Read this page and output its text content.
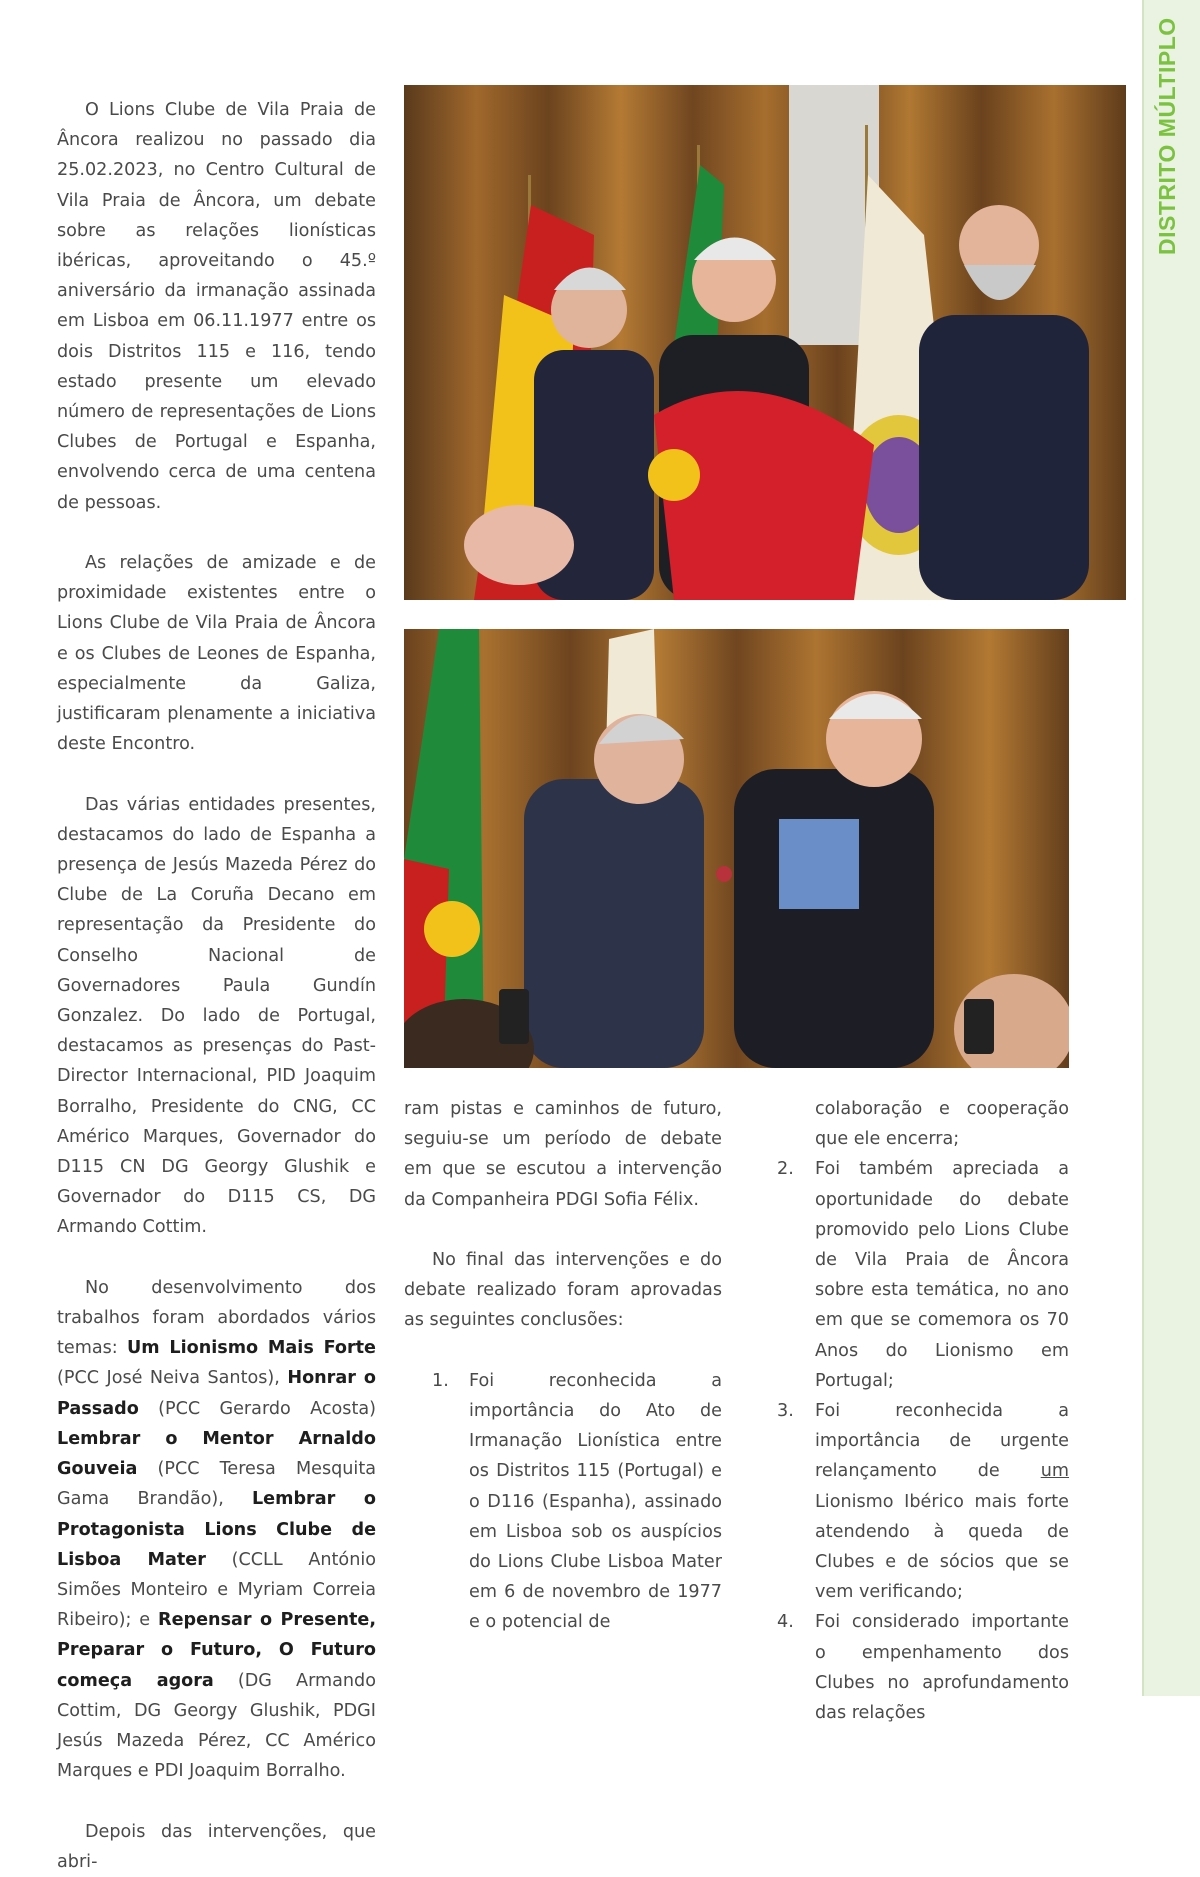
DISTRITO MÚLTIPLO

O Lions Clube de Vila Praia de Âncora realizou no passado dia 25.02.2023, no Centro Cultural de Vila Praia de Âncora, um debate sobre as relações lionísticas ibéricas, aproveitando o 45.º aniversário da irmanação assinada em Lisboa em 06.11.1977 entre os dois Distritos 115 e 116, tendo estado presente um elevado número de representações de Lions Clubes de Portugal e Espanha, envolvendo cerca de uma centena de pessoas.

As relações de amizade e de proximidade existentes entre o Lions Clube de Vila Praia de Âncora e os Clubes de Leones de Espanha, especialmente da Galiza, justificaram plenamente a iniciativa deste Encontro.

Das várias entidades presentes, destacamos do lado de Espanha a presença de Jesús Mazeda Pérez do Clube de La Coruña Decano em representação da Presidente do Conselho Nacional de Governadores Paula Gundín Gonzalez. Do lado de Portugal, destacamos as presenças do Past-Director Internacional, PID Joaquim Borralho, Presidente do CNG, CC Américo Marques, Governador do D115 CN DG Georgy Glushik e Governador do D115 CS, DG Armando Cottim.

No desenvolvimento dos trabalhos foram abordados vários temas: Um Lionismo Mais Forte (PCC José Neiva Santos), Honrar o Passado (PCC Gerardo Acosta) Lembrar o Mentor Arnaldo Gouveia (PCC Teresa Mesquita Gama Brandão), Lembrar o Protagonista Lions Clube de Lisboa Mater (CCLL António Simões Monteiro e Myriam Correia Ribeiro); e Repensar o Presente, Preparar o Futuro, O Futuro começa agora (DG Armando Cottim, DG Georgy Glushik, PDGI Jesús Mazeda Pérez, CC Américo Marques e PDI Joaquim Borralho.

Depois das intervenções, que abri-

ram pistas e caminhos de futuro, seguiu-se um período de debate em que se escutou a intervenção da Companheira PDGI Sofia Félix.

No final das intervenções e do debate realizado foram aprovadas as seguintes conclusões:

1. Foi reconhecida a importância do Ato de Irmanação Lionística entre os Distritos 115 (Portugal) e o D116 (Espanha), assinado em Lisboa sob os auspícios do Lions Clube Lisboa Mater em 6 de novembro de 1977 e o potencial de
colaboração e cooperação que ele encerra;
2. Foi também apreciada a oportunidade do debate promovido pelo Lions Clube de Vila Praia de Âncora sobre esta temática, no ano em que se comemora os 70 Anos do Lionismo em Portugal;
3. Foi reconhecida a importância de urgente relançamento de um Lionismo Ibérico mais forte atendendo à queda de Clubes e de sócios que se vem verificando;
4. Foi considerado importante o empenhamento dos Clubes no aprofundamento das relações
